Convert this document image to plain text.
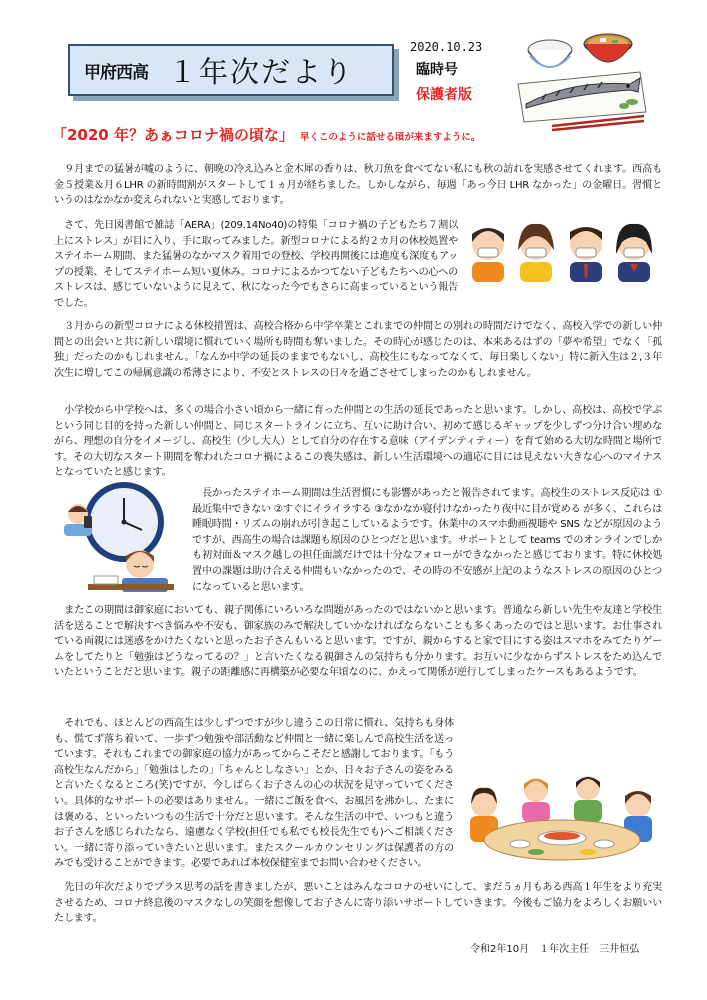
甲府西高 １年次だより
2020.10.23
臨時号
保護者版
「2020 年？あぁコロナ禍の頃な」 早くこのように話せる頃が来ますように。

９月までの猛暑が嘘のように、朝晩の冷え込みと金木犀の香りは、秋刀魚を食べてない私にも秋の訪れを実感させてくれます。西高も金５授業＆月６LHR の新時間割がスタートして１ヵ月が経ちました。しかしながら、毎週「あっ今日 LHR なかった」の金曜日。習慣というのはなかなか変えられないと実感しております。

さて、先日図書館で雑誌「AERA」(209.14No40)の特集「コロナ禍の子どもたち７割以上にストレス」が目に入り、手に取ってみました。新型コロナによる約２カ月の休校処置やステイホーム期間、また猛暑のなかマスク着用での登校、学校再開後には進度も深度もアップの授業、そしてステイホーム短い夏休み。コロナによるかつてない子どもたちへの心へのストレスは、感じていないように見えて、秋になった今でもさらに高まっているという報告でした。

３月からの新型コロナによる休校措置は、高校合格から中学卒業とこれまでの仲間との別れの時間だけでなく、高校入学での新しい仲間との出会いと共に新しい環境に慣れていく場所も時間も奪いました。その時心が感じたのは、本来あるはずの「夢や希望」でなく「孤独」だったのかもしれません。「なんか中学の延長のままでもないし、高校生にもなってなくて、毎日楽しくない」特に新入生は２,３年次生に増してこの帰属意識の希薄さにより、不安とストレスの日々を過ごさせてしまったのかもしれません。

小学校から中学校へは、多くの場合小さい頃から一緒に育った仲間との生活の延長であったと思います。しかし、高校は、高校で学ぶという同じ目的を持った新しい仲間と、同じスタートラインに立ち、互いに助け合い、初めて感じるギャップを少しずつ分け合い埋めながら、理想の自分をイメージし、高校生（少し大人）として自分の存在する意味（アイデンティティー）を育て始める大切な時間と場所です。その大切なスタート期間を奪われたコロナ禍によるこの喪失感は、新しい生活環境への適応に目には見えない大きな心へのマイナスとなっていたと感じます。

長かったステイホーム期間は生活習慣にも影響があったと報告されてます。高校生のストレス反応は ①最近集中できない ②すぐにイライラする ③なかなか寝付けなかったり夜中に目が覚める が多く、これらは睡眠時間・リズムの崩れが引き起こしているようです。休業中のスマホ動画視聴や SNS などが原因のようですが、西高生の場合は課題も原因のひとつだと思います。サポートとして teams でのオンラインでしかも初対面＆マスク越しの担任面談だけでは十分なフォローができなかったと感じております。特に休校処置中の課題は助け合える仲間もいなかったので、その時の不安感が上記のようなストレスの原因のひとつになっていると思います。

またこの期間は御家庭においても、親子関係にいろいろな問題があったのではないかと思います。普通なら新しい先生や友達と学校生活を送ることで解決すべき悩みや不安も、御家族のみで解決していかなければならないことも多くあったのではと思います。お仕事されている両親には迷惑をかけたくないと思ったお子さんもいると思います。ですが、親からすると家で目にする姿はスマホをみてたりゲームをしてたりと「勉強はどうなってるの？」と言いたくなる親御さんの気持ちも分かります。お互いに少なからずストレスをため込んでいたということだと思います。親子の距離感に再構築が必要な年頃なのに、かえって関係が逆行してしまったケースもあるようです。

それでも、ほとんどの西高生は少しずつですが少し違うこの日常に慣れ、気持ちも身体も、慌てず落ち着いて、一歩ずつ勉強や部活動など仲間と一緒に楽しんで高校生活を送っています。それもこれまでの御家庭の協力があってからこそだと感謝しております。「もう高校生なんだから」「勉強はしたの」「ちゃんとしなさい」とか、日々お子さんの姿をみると言いたくなるところ(笑)ですが、今しばらくお子さんの心の状況を見守っていてください。具体的なサポートの必要はありません。一緒にご飯を食べ、お風呂を沸かし、たまには褒める、といったいつもの生活で十分だと思います。そんな生活の中で、いつもと違うお子さんを感じられたなら、遠慮なく学校(担任でも私でも校長先生でも)へご相談ください。一緒に寄り添っていきたいと思います。またスクールカウンセリングは保護者の方のみでも受けることができます。必要であれば本校保健室までお問い合わせください。

先日の年次だよりでプラス思考の話を書きましたが、悪いことはみんなコロナのせいにして、まだ５ヵ月もある西高１年生をより充実させるため、コロナ終息後のマスクなしの笑顔を想像してお子さんに寄り添いサポートしていきます。今後もご協力をよろしくお願いいたします。

令和2年10月 １年次主任 三井恒弘
